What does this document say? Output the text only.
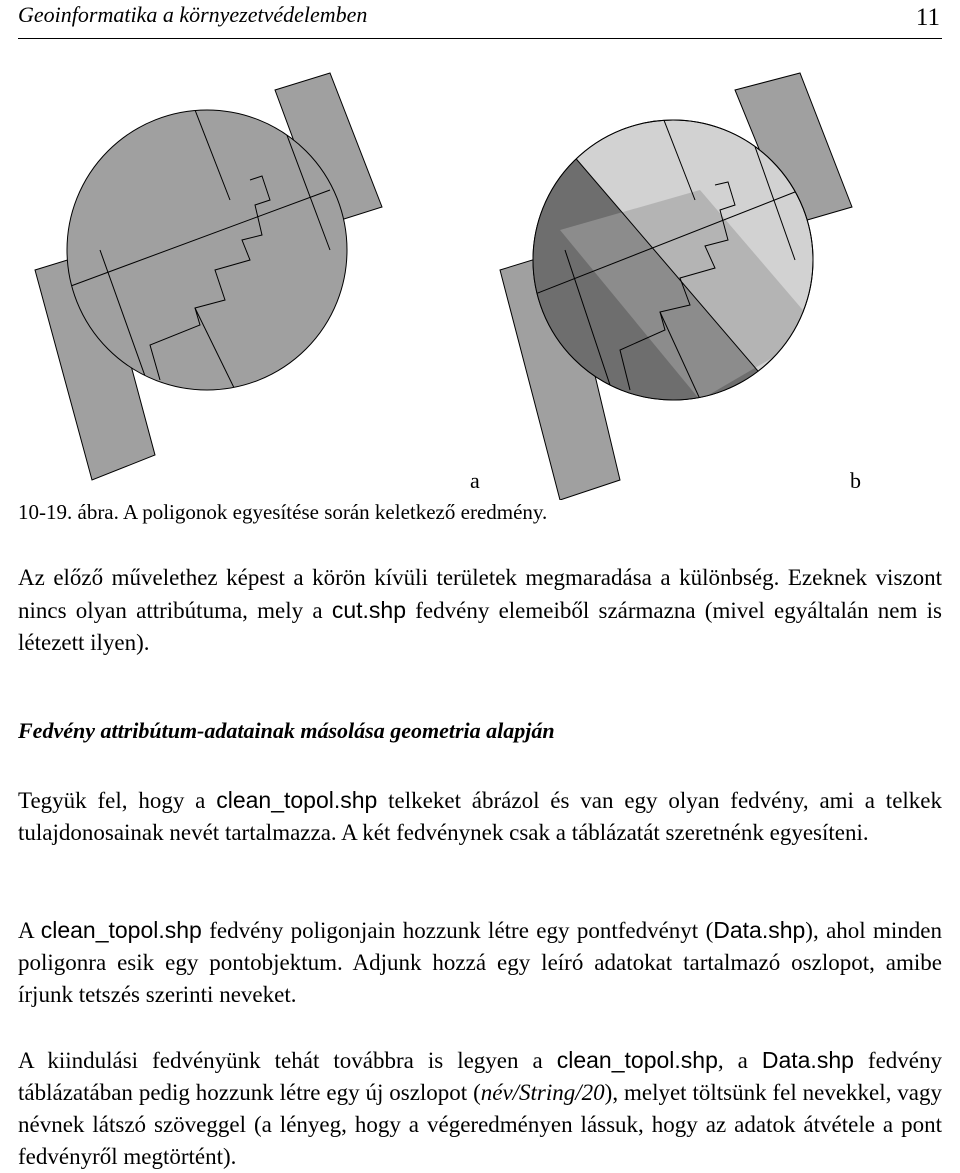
Geoinformatika a környezetvédelemben	11
a	b
10-19. ábra. A poligonok egyesítése során keletkező eredmény.

Az előző művelethez képest a körön kívüli területek megmaradása a különbség. Ezeknek viszont nincs olyan attribútuma, mely a cut.shp fedvény elemeiből származna (mivel egyáltalán nem is létezett ilyen).

Fedvény attribútum-adatainak másolása geometria alapján

Tegyük fel, hogy a clean_topol.shp telkeket ábrázol és van egy olyan fedvény, ami a telkek tulajdonosainak nevét tartalmazza. A két fedvénynek csak a táblázatát szeretnénk egyesíteni.

A clean_topol.shp fedvény poligonjain hozzunk létre egy pontfedvényt (Data.shp), ahol minden poligonra esik egy pontobjektum. Adjunk hozzá egy leíró adatokat tartalmazó oszlopot, amibe írjunk tetszés szerinti neveket.

A kiindulási fedvényünk tehát továbbra is legyen a clean_topol.shp, a Data.shp fedvény táblázatában pedig hozzunk létre egy új oszlopot (név/String/20), melyet töltsünk fel nevekkel, vagy névnek látszó szöveggel (a lényeg, hogy a végeredményen lássuk, hogy az adatok átvétele a pont fedvényről megtörtént).
